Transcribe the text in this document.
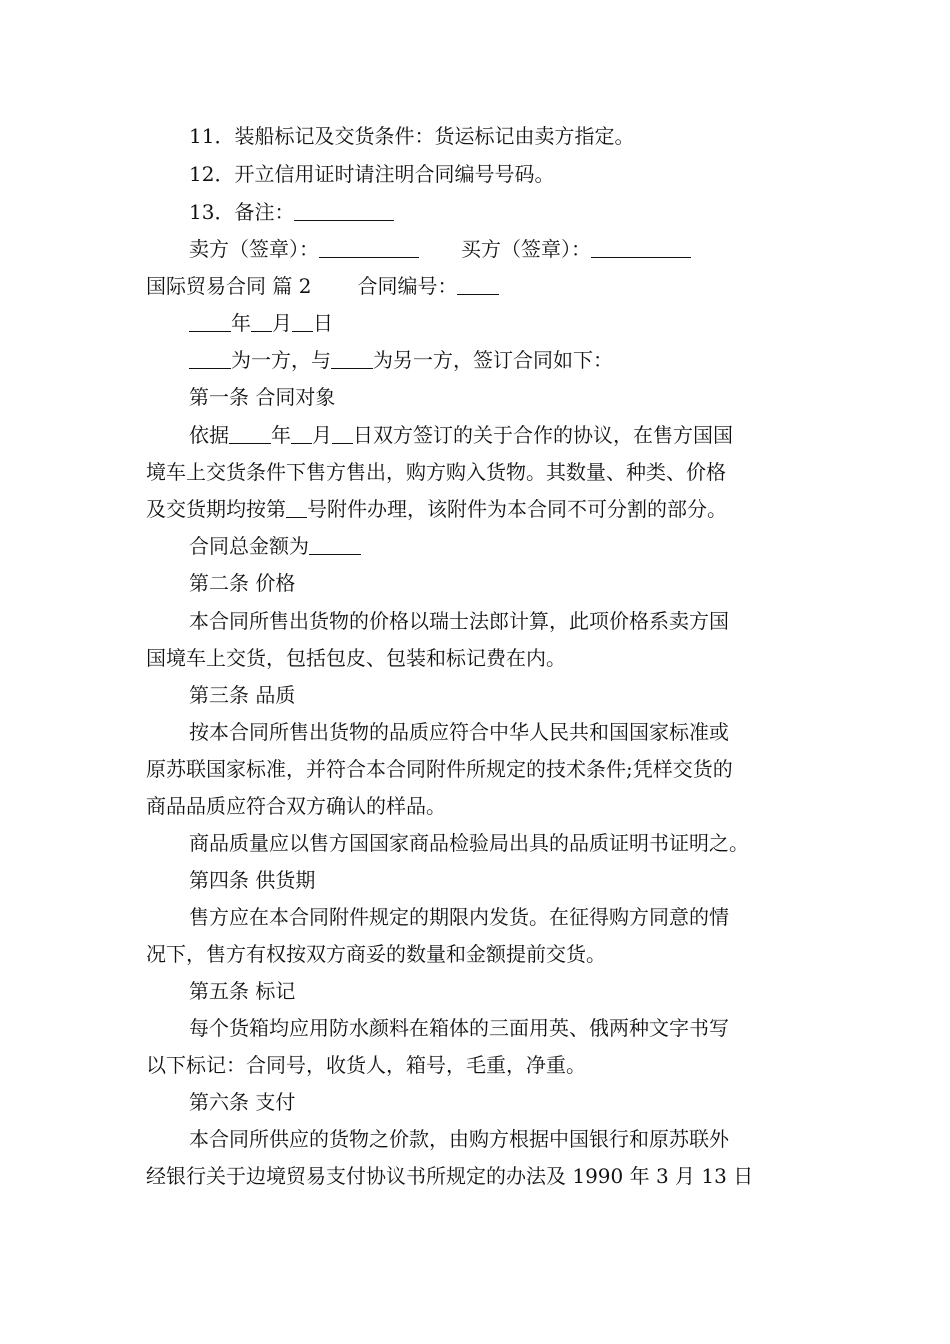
11．装船标记及交货条件：货运标记由卖方指定。
12．开立信用证时请注明合同编号号码。
13．备注：
卖方（签章）：	买方（签章）：
国际贸易合同 篇 2 合同编号：
年 月 日
为一方，与 为另一方，签订合同如下：
第一条 合同对象
依据 年 月 日双方签订的关于合作的协议，在售方国国
境车上交货条件下售方售出，购方购入货物。其数量、种类、价格
及交货期均按第 号附件办理，该附件为本合同不可分割的部分。
合同总金额为
第二条 价格
本合同所售出货物的价格以瑞士法郎计算，此项价格系卖方国
国境车上交货，包括包皮、包装和标记费在内。
第三条 品质
按本合同所售出货物的品质应符合中华人民共和国国家标准或
原苏联国家标准，并符合本合同附件所规定的技术条件;凭样交货的
商品品质应符合双方确认的样品。
商品质量应以售方国国家商品检验局出具的品质证明书证明之。
第四条 供货期
售方应在本合同附件规定的期限内发货。在征得购方同意的情
况下，售方有权按双方商妥的数量和金额提前交货。
第五条 标记
每个货箱均应用防水颜料在箱体的三面用英、俄两种文字书写
以下标记：合同号，收货人，箱号，毛重，净重。
第六条 支付
本合同所供应的货物之价款，由购方根据中国银行和原苏联外
经银行关于边境贸易支付协议书所规定的办法及 1990 年 3 月 13 日
